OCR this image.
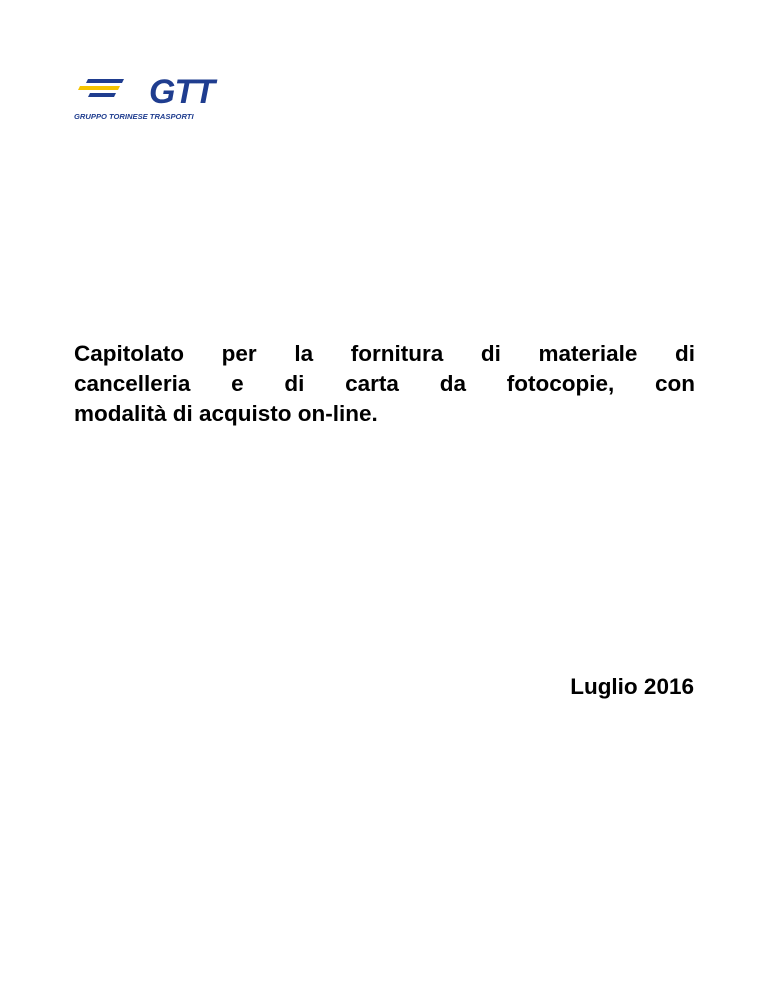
GTT
GRUPPO TORINESE TRASPORTI
Capitolato per la fornitura di materiale di
cancelleria e di carta da fotocopie, con
modalità di acquisto on-line.

Luglio 2016
